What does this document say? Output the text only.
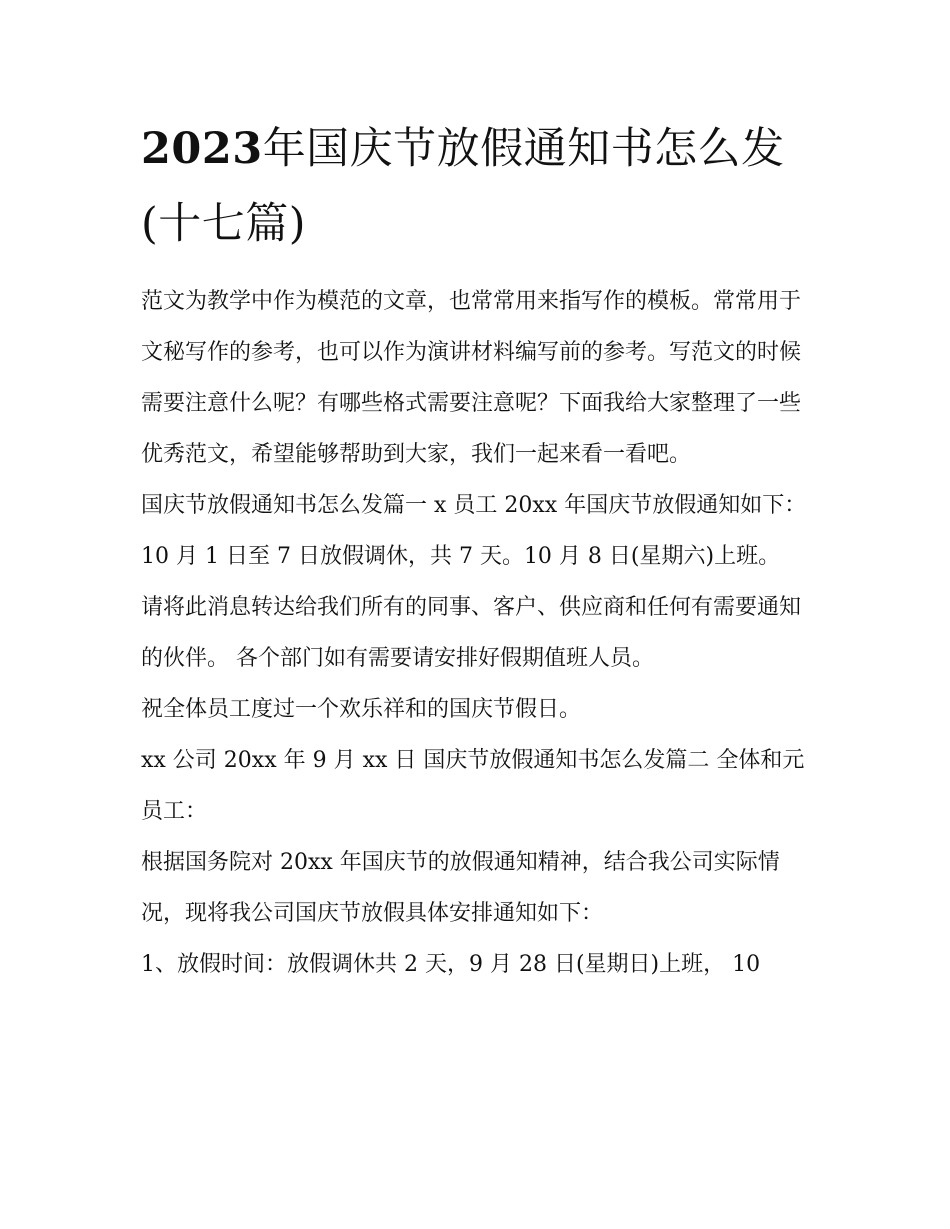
2023年国庆节放假通知书怎么发(十七篇)

范文为教学中作为模范的文章，也常常用来指写作的模板。常常用于文秘写作的参考，也可以作为演讲材料编写前的参考。写范文的时候需要注意什么呢？有哪些格式需要注意呢？下面我给大家整理了一些优秀范文，希望能够帮助到大家，我们一起来看一看吧。

国庆节放假通知书怎么发篇一 x 员工 20xx 年国庆节放假通知如下： 10 月 1 日至 7 日放假调休，共 7 天。10 月 8 日(星期六)上班。

请将此消息转达给我们所有的同事、客户、供应商和任何有需要通知的伙伴。 各个部门如有需要请安排好假期值班人员。

祝全体员工度过一个欢乐祥和的国庆节假日。

xx 公司 20xx 年 9 月 xx 日 国庆节放假通知书怎么发篇二 全体和元员工：

根据国务院对 20xx 年国庆节的放假通知精神，结合我公司实际情况，现将我公司国庆节放假具体安排通知如下：

1、放假时间：放假调休共 2 天，9 月 28 日(星期日)上班， 10
